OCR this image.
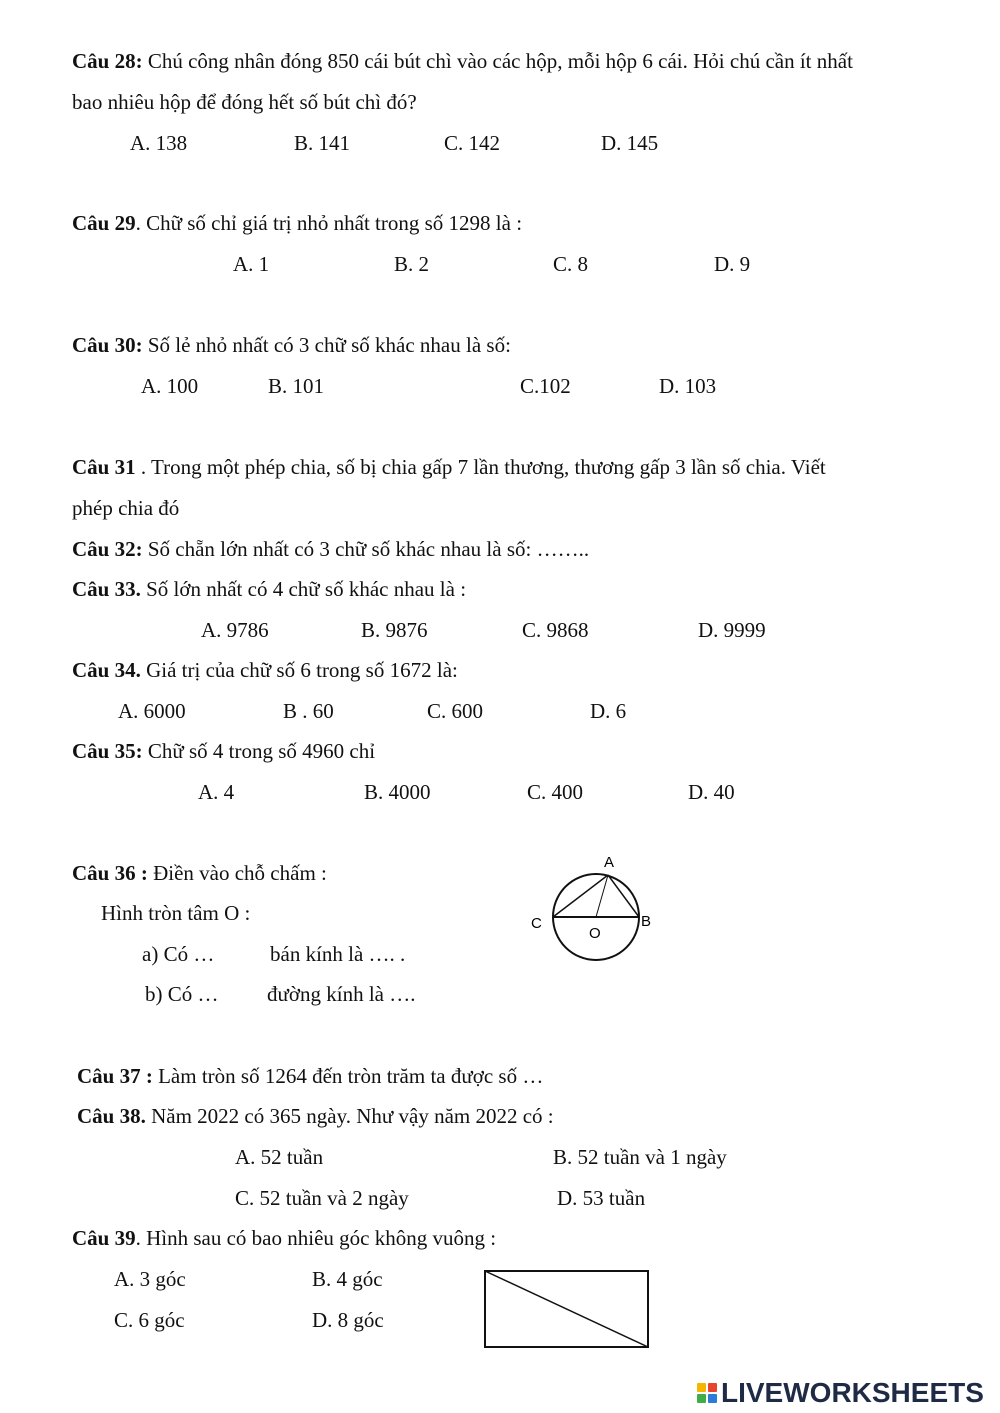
Câu 28: Chú công nhân đóng 850 cái bút chì vào các hộp, mỗi hộp 6 cái. Hỏi chú cần ít nhất
bao nhiêu hộp để đóng hết số bút chì đó?
A. 138	B. 141	C. 142	D. 145
Câu 29. Chữ số chỉ giá trị nhỏ nhất trong số 1298 là :
A. 1	B. 2	C. 8	D. 9
Câu 30: Số lẻ nhỏ nhất có 3 chữ số khác nhau là số:
A. 100	B. 101	C.102	D. 103
Câu 31 . Trong một phép chia, số bị chia gấp 7 lần thương, thương gấp 3 lần số chia. Viết
phép chia đó
Câu 32: Số chẵn lớn nhất có 3 chữ số khác nhau là số: ……..
Câu 33. Số lớn nhất có 4 chữ số khác nhau là :
A. 9786	B. 9876	C. 9868	D. 9999
Câu 34. Giá trị của chữ số 6 trong số 1672 là:
A. 6000	B . 60	C. 600	D. 6
Câu 35: Chữ số 4 trong số 4960 chỉ
A. 4	B. 4000	C. 400	D. 40
Câu 36 : Điền vào chỗ chấm :
Hình tròn tâm O :
a) Có …	bán kính là …. .
b) Có … đường kính là ….
A
C	B
O
Câu 37 : Làm tròn số 1264 đến tròn trăm ta được số …
Câu 38. Năm 2022 có 365 ngày. Như vậy năm 2022 có :
A. 52 tuần	B. 52 tuần và 1 ngày
C. 52 tuần và 2 ngày	D. 53 tuần
Câu 39. Hình sau có bao nhiêu góc không vuông :
A. 3 góc	B. 4 góc
C. 6 góc	D. 8 góc
LIVEWORKSHEETS
